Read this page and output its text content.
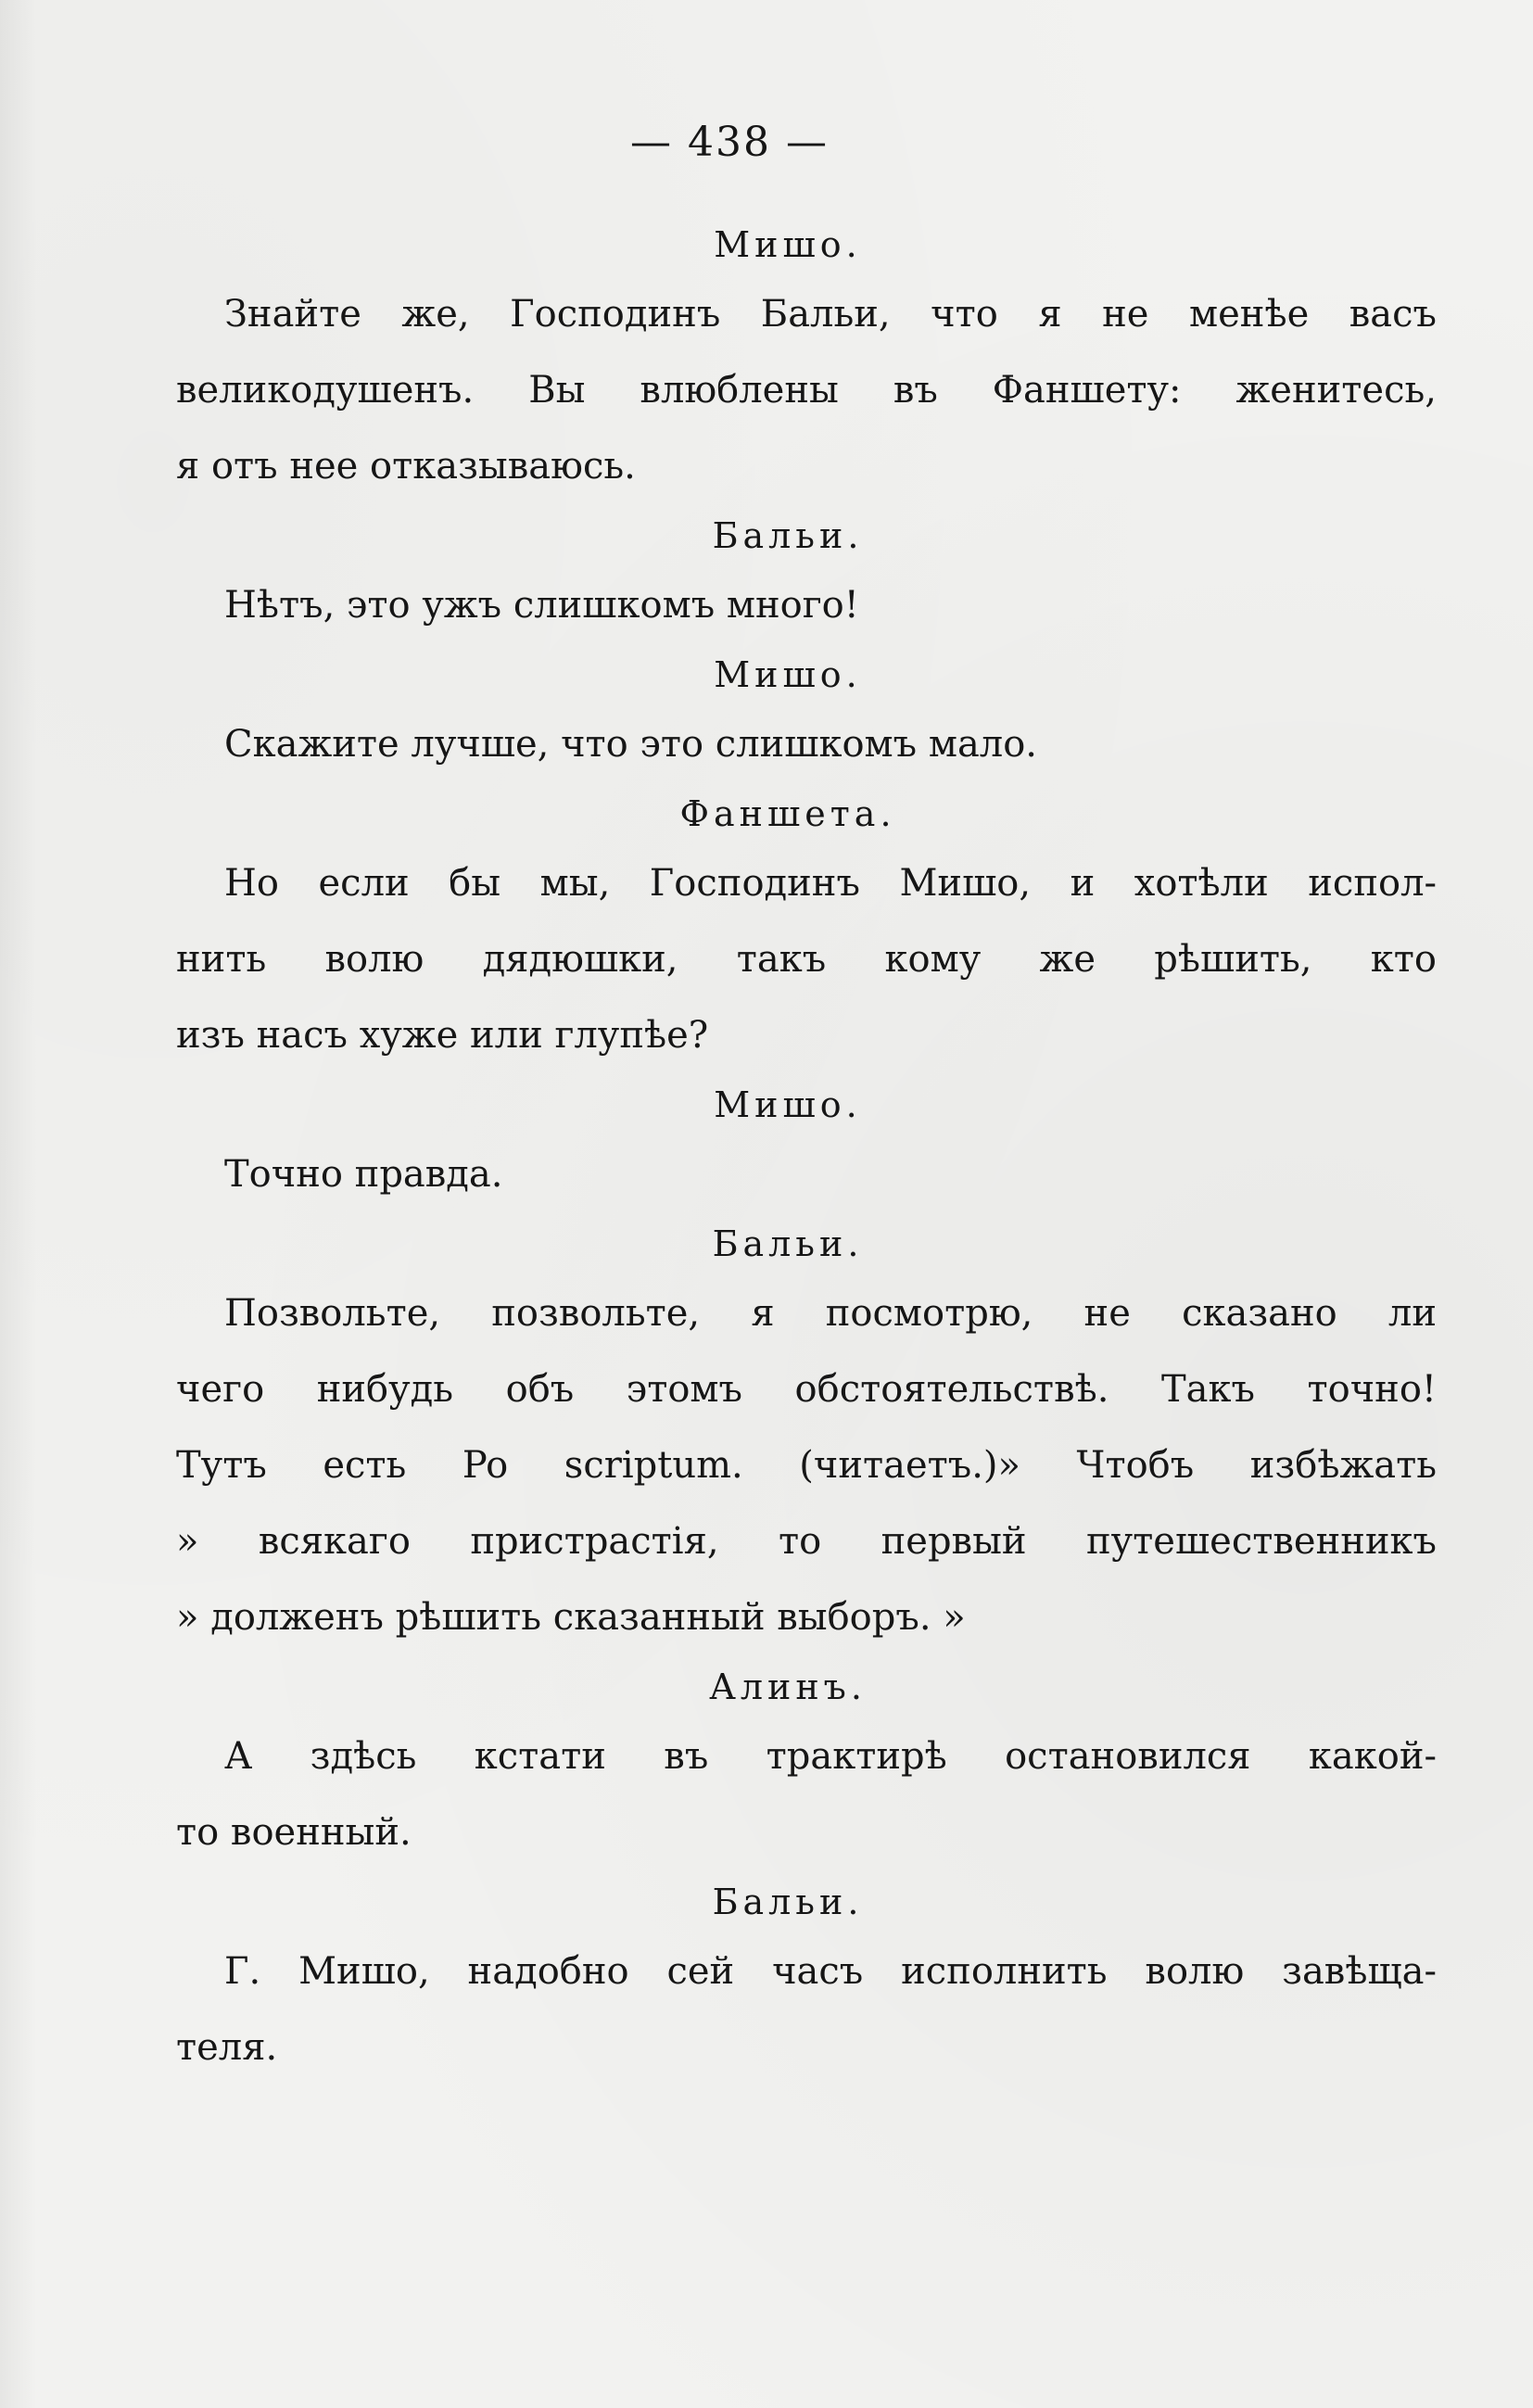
— 438 —
Мишо.
Знайте же, Господинъ Бальи, что я не менѣе васъ
великодушенъ. Вы влюблены въ Фаншету: женитесь,
я отъ нее отказываюсь.
Бальи.
Нѣтъ, это ужъ слишкомъ много!
Мишо.
Скажите лучше, что это слишкомъ мало.
Фаншета.
Но если бы мы, Господинъ Мишо, и хотѣли испол-
нить волю дядюшки, такъ кому же рѣшить, кто
изъ насъ хуже или глупѣе?
Мишо.
Точно правда.
Бальи.
Позвольте, позвольте, я посмотрю, не сказано ли
чего нибудь объ этомъ обстоятельствѣ. Такъ точно!
Тутъ есть Po scriptum. (читаетъ.)» Чтобъ избѣжать
» всякаго пристрастія, то первый путешественникъ
» долженъ рѣшить сказанный выборъ. »
Алинъ.
А здѣсь кстати въ трактирѣ остановился какой-
то военный.
Бальи.
Г. Мишо, надобно сей часъ исполнить волю завѣща-
теля.
